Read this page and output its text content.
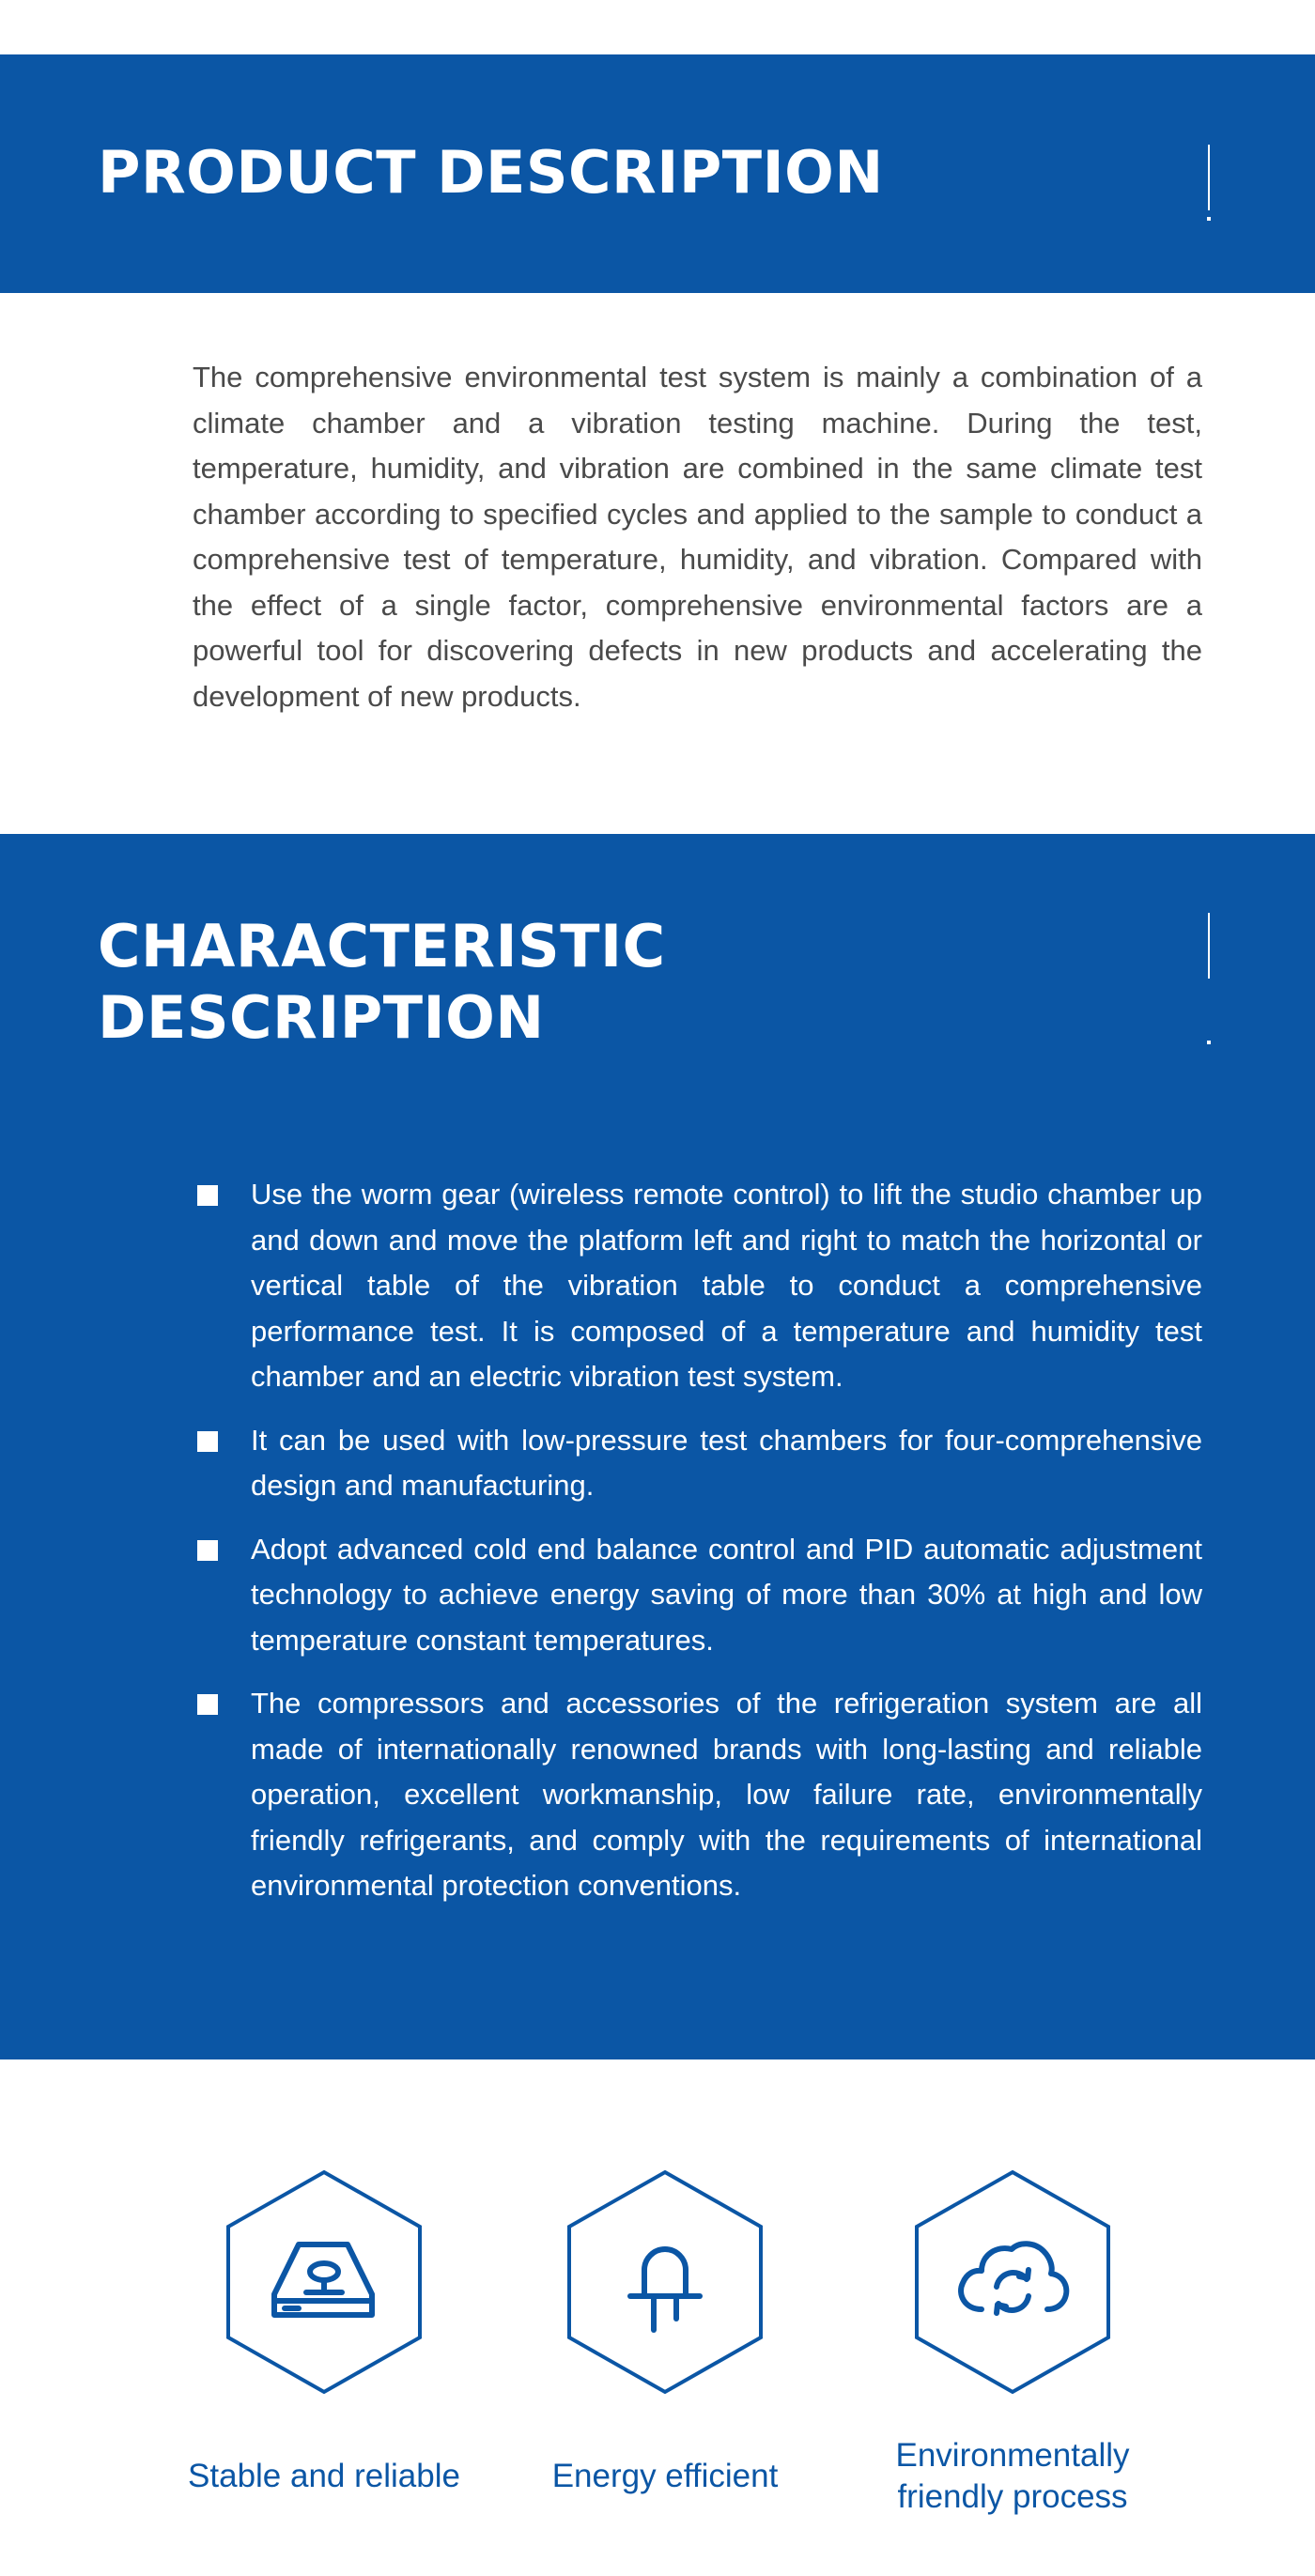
PRODUCT DESCRIPTION

The comprehensive environmental test system is mainly a combination of a climate chamber and a vibration testing machine. During the test, temperature, humidity, and vibration are combined in the same climate test chamber according to specified cycles and applied to the sample to conduct a comprehensive test of temperature, humidity, and vibration. Compared with the effect of a single factor, comprehensive environmental factors are a powerful tool for discovering defects in new products and accelerating the development of new products.

CHARACTERISTIC
DESCRIPTION
Use the worm gear (wireless remote control) to lift the studio chamber up and down and move the platform left and right to match the horizontal or vertical table of the vibration table to conduct a comprehensive performance test. It is composed of a temperature and humidity test chamber and an electric vibration test system.
It can be used with low-pressure test chambers for four-comprehensive design and manufacturing.
Adopt advanced cold end balance control and PID automatic adjustment technology to achieve energy saving of more than 30% at high and low temperature constant temperatures.
The compressors and accessories of the refrigeration system are all made of internationally renowned brands with long-lasting and reliable operation, excellent workmanship, low failure rate, environmentally friendly refrigerants, and comply with the requirements of international environmental protection conventions.
Stable and reliable	Energy efficient
Environmentally
friendly process
